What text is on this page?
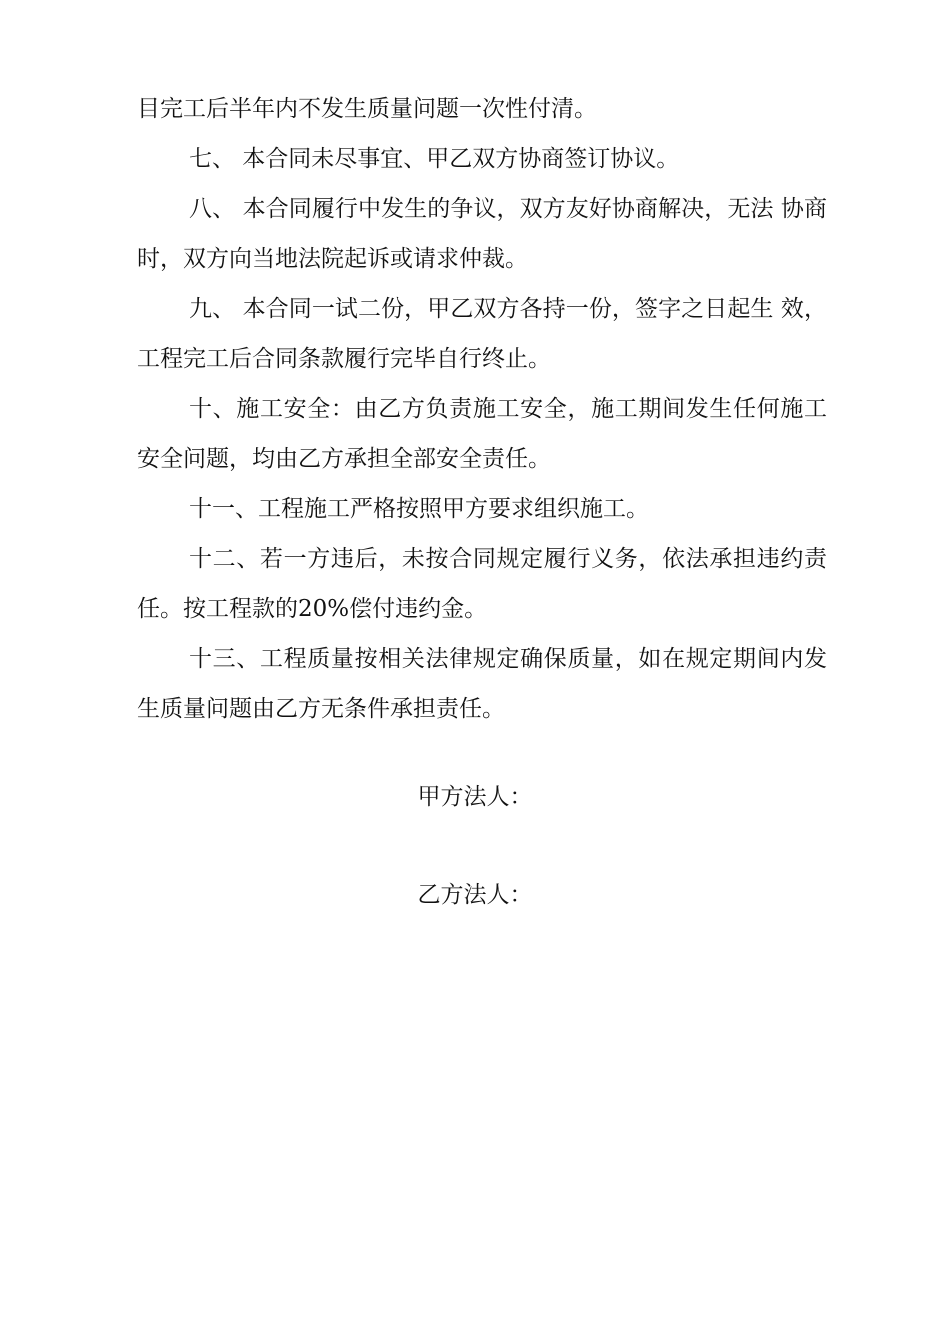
目完工后半年内不发生质量问题一次性付清。

七、 本合同未尽事宜、甲乙双方协商签订协议。

八、 本合同履行中发生的争议，双方友好协商解决，无法 协商时，双方向当地法院起诉或请求仲裁。

九、 本合同一试二份，甲乙双方各持一份，签字之日起生 效，工程完工后合同条款履行完毕自行终止。

十、施工安全：由乙方负责施工安全，施工期间发生任何施工安全问题，均由乙方承担全部安全责任。

十一、工程施工严格按照甲方要求组织施工。

十二、若一方违后，未按合同规定履行义务，依法承担违约责任。按工程款的20%偿付违约金。

十三、工程质量按相关法律规定确保质量，如在规定期间内发生质量问题由乙方无条件承担责任。

甲方法人：

乙方法人：
